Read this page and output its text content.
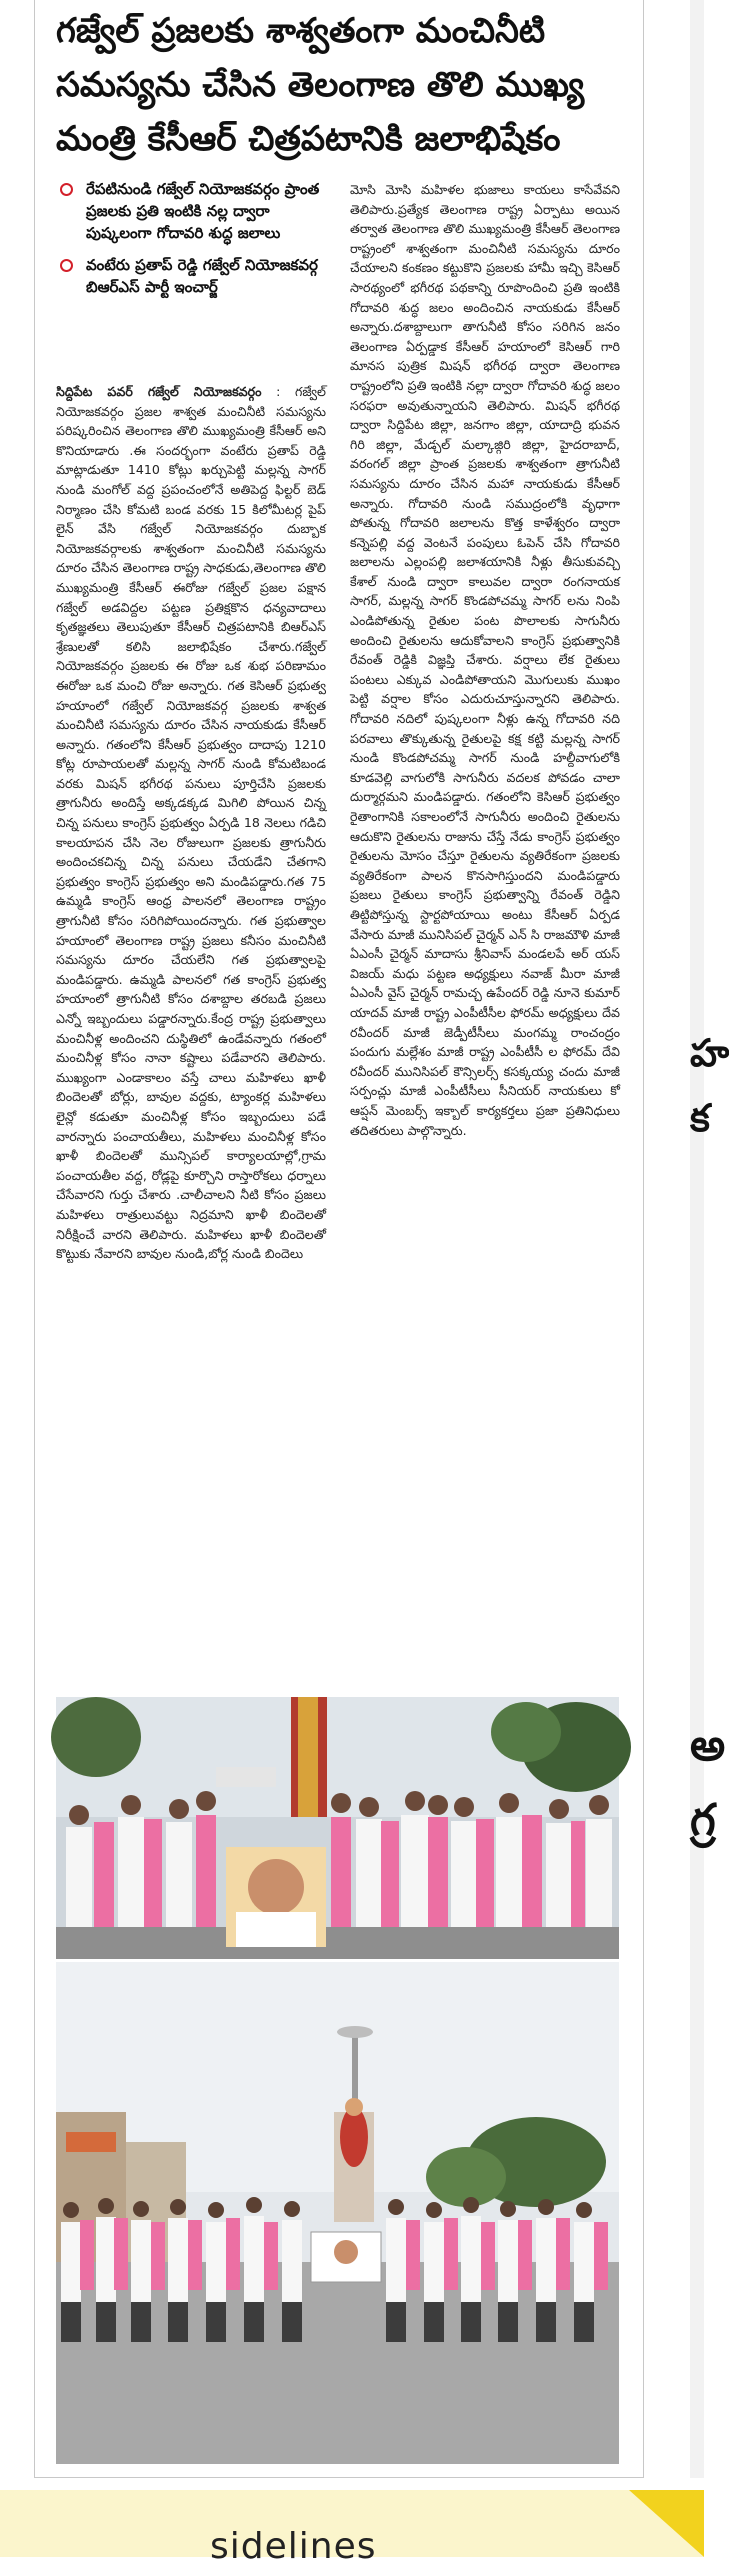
గజ్వేల్ ప్రజలకు శాశ్వతంగా మంచినీటి సమస్యను చేసిన తెలంగాణ తొలి ముఖ్య మంత్రి కేసీఆర్ చిత్రపటానికి జలాభిషేకం
రేపటినుండి గజ్వేల్ నియోజకవర్గం ప్రాంత ప్రజలకు ప్రతి ఇంటికి నల్ల ద్వారా పుష్కలంగా గోదావరి శుద్ధ జలాలు
వంటేరు ప్రతాప్ రెడ్డి గజ్వేల్ నియోజకవర్గ బిఆర్ఎస్ పార్టీ ఇంచార్జ్
సిద్దిపేట పవర్ గజ్వేల్ నియోజకవర్గం : గజ్వేల్ నియోజకవర్గం ప్రజల శాశ్వత మంచినీటి సమస్యను పరిష్కరించిన తెలంగాణ తొలి ముఖ్యమంత్రి కేసీఆర్ అని కొనియాడారు .ఈ సందర్భంగా వంటేరు ప్రతాప్ రెడ్డి మాట్లాడుతూ 1410 కోట్లు ఖర్చుపెట్టి మల్లన్న సాగర్ నుండి మంగోల్ వద్ద ప్రపంచంలోనే అతిపెద్ద ఫిల్టర్ బెడ్ నిర్మాణం చేసి కోమటి బండ వరకు 15 కిలోమీటర్ల పైప్ లైన్ వేసి గజ్వేల్ నియోజకవర్గం దుబ్బాక నియోజకవర్గాలకు శాశ్వతంగా మంచినీటి సమస్యను దూరం చేసిన తెలంగాణ రాష్ట్ర సాధకుడు,తెలంగాణ తొలి ముఖ్యమంత్రి కేసీఆర్ ఈరోజు గజ్వేల్ ప్రజల పక్షాన గజ్వేల్ అడవిద్దల పట్టణ ప్రతిక్షకొన ధన్యవాదాలు కృతజ్ఞతలు తెలుపుతూ కేసీఆర్ చిత్రపటానికి బిఆర్ఎస్ శ్రేణులతో కలిసి జలాభిషేకం చేశారు.గజ్వేల్ నియోజకవర్గం ప్రజలకు ఈ రోజు ఒక శుభ పరిణామం ఈరోజు ఒక మంచి రోజు అన్నారు. గత కెసిఆర్ ప్రభుత్వ హయాంలో గజ్వేల్ నియోజకవర్గ ప్రజలకు శాశ్వత మంచినీటి సమస్యను దూరం చేసిన నాయకుడు కేసీఆర్ అన్నారు. గతంలోని కేసీఆర్ ప్రభుత్వం దాదాపు 1210 కోట్ల రూపాయలతో మల్లన్న సాగర్ నుండి కోమటిబండ వరకు మిషన్ భగీరథ పనులు పూర్తిచేసి ప్రజలకు త్రాగునీరు అందిస్తే అక్కడక్కడ మిగిలి పోయిన చిన్న చిన్న పనులు కాంగ్రెస్ ప్రభుత్వం ఏర్పడి 18 నెలలు గడిచి కాలయాపన చేసి నెల రోజులుగా ప్రజలకు త్రాగునీరు అందించకచిన్న చిన్న పనులు చేయడేని చేతగాని ప్రభుత్వం కాంగ్రెస్ ప్రభుత్వం అని మండిపడ్డారు.గత 75 ఉమ్మడి కాంగ్రెస్ ఆంధ్ర పాలనలో తెలంగాణ రాష్ట్రం త్రాగునీటి కోసం సరిగిపోయిందన్నారు. గత ప్రభుత్వాల హయాంలో తెలంగాణ రాష్ట్ర ప్రజలు కనీసం మంచినీటి సమస్యను దూరం చేయలేని గత ప్రభుత్వాలపై మండిపడ్డారు. ఉమ్మడి పాలనలో గత కాంగ్రెస్ ప్రభుత్వ హయాంలో త్రాగునీటి కోసం దశాబ్దాల తరబడి ప్రజలు ఎన్నో ఇబ్బందులు పడ్డారన్నారు.కేంద్ర రాష్ట్ర ప్రభుత్వాలు మంచినీళ్ల అందించని దుస్థితిలో ఉండేవన్నారు గతంలో మంచినీళ్ల కోసం నానా కష్టాలు పడేవారని తెలిపారు. ముఖ్యంగా ఎండాకాలం వస్తే చాలు మహిళలు ఖాళీ బిందెలతో బోర్లు, బావుల వద్దకు, ట్యాంకర్ల మహిళలు లైన్లో కడుతూ మంచినీళ్ల కోసం ఇబ్బందులు పడే వారన్నారు పంచాయతీలు, మహిళలు మంచినీళ్ల కోసం ఖాళీ బిందెలతో మున్సిపల్ కార్యాలయాల్లో,గ్రామ పంచాయతీల వద్ద, రోడ్లపై కూర్చొని రాస్తారోకలు ధర్నాలు చేసేవారని గుర్తు చేశారు .చాలీచాలని నీటి కోసం ప్రజలు మహిళలు రాత్రులువట్టు నిద్రమాని ఖాళీ బిందెలతో నిరీక్షించే వారని తెలిపారు. మహిళలు ఖాళీ బిందెలతో కొట్టుకు నేవారని బావుల నుండి,బోర్ల నుండి బిందెలు
మోసి మోసి మహిళల భుజాలు కాయలు కాసేవేవని తెలిపారు.ప్రత్యేక తెలంగాణ రాష్ట్ర ఏర్పాటు అయిన తర్వాత తెలంగాణ తొలి ముఖ్యమంత్రి కేసీఆర్ తెలంగాణ రాష్ట్రంలో శాశ్వతంగా మంచినీటి సమస్యను దూరం చేయాలని కంకణం కట్టుకొని ప్రజలకు హామీ ఇచ్చి కెసిఆర్ సారథ్యంలో భగీరథ పథకాన్ని రూపొందించి ప్రతి ఇంటికి గోదావరి శుద్ధ జలం అందించిన నాయకుడు కేసీఆర్ అన్నారు.దశాబ్దాలుగా తాగునీటి కోసం సరిగిన జనం తెలంగాణ ఏర్పడ్డాక కేసీఆర్ హయాంలో కెసిఆర్ గారి మానస పుత్రిక మిషన్ భగీరథ ద్వారా తెలంగాణ రాష్ట్రంలోని ప్రతి ఇంటికి నల్లా ద్వారా గోదావరి శుద్ధ జలం సరఫరా అవుతున్నాయని తెలిపారు. మిషన్ భగీరథ ద్వారా సిద్దిపేట జిల్లా, జనగాం జిల్లా, యాదాద్రి భువన గిరి జిల్లా, మేడ్చల్ మల్కాజ్గిరి జిల్లా, హైదరాబాద్, వరంగల్ జిల్లా ప్రాంత ప్రజలకు శాశ్వతంగా త్రాగునీటి సమస్యను దూరం చేసిన మహా నాయకుడు కేసీఆర్ అన్నారు. గోదావరి నుండి సముద్రంలోకి వృధాగా పోతున్న గోదావరి జలాలను కొత్త కాళేశ్వరం ద్వారా కన్నెపల్లి వద్ద వెంటనే పంపులు ఓపెన్ చేసి గోదావరి జలాలను ఎల్లంపల్లి జలాశయానికి నీళ్లు తీసుకువచ్చి కేశాల్ నుండి ద్వారా కాలువల ద్వారా రంగనాయక సాగర్, మల్లన్న సాగర్ కొండపోచమ్మ సాగర్ లను నింపి ఎండిపోతున్న రైతుల పంట పొలాలకు సాగునీరు అందించి రైతులను ఆదుకోవాలని కాంగ్రెస్ ప్రభుత్వానికి రేవంత్ రెడ్డికి విజ్ఞప్తి చేశారు. వర్షాలు లేక రైతులు పంటలు ఎక్కువ ఎండిపోతాయని మొగులుకు ముఖం పెట్టి వర్షాల కోసం ఎదురుచూస్తున్నారని తెలిపారు. గోదావరి నదిలో పుష్కలంగా నీళ్లు ఉన్న గోదావరి నది పరవాలు తొక్కుతున్న రైతులపై కక్ష కట్టి మల్లన్న సాగర్ నుండి కొండపోచమ్మ సాగర్ నుండి హల్దీవాగులోకి కూడవెల్లి వాగులోకి సాగునీరు వదలక పోవడం చాలా దుర్మార్గమని మండిపడ్డారు. గతంలోని కెసిఆర్ ప్రభుత్వం రైతాంగానికి సకాలంలోనే సాగునీరు అందించి రైతులను ఆదుకొని రైతులను రాజును చేస్తే నేడు కాంగ్రెస్ ప్రభుత్వం రైతులను మోసం చేస్తూ రైతులను వ్యతిరేకంగా ప్రజలకు వ్యతిరేకంగా పాలన కొనసాగిస్తుందని మండిపడ్డారు ప్రజలు రైతులు కాంగ్రెస్ ప్రభుత్వాన్ని రేవంత్ రెడ్డిని తిట్టిపోస్తున్న స్టార్టపోయాయి అంటు కేసీఆర్ ఏర్పడ వేసారు మాజీ మునిసిపల్ చైర్మన్ ఎన్ సి రాజమౌళి మాజీ ఏఎంసీ చైర్మన్ మాదాసు శ్రీనివాస్ మండలపే అర్ యస్ విజయ్ మధు పట్టణ అధ్యక్షులు నవాజ్ మీరా మాజీ ఏఎంసీ వైస్ చైర్మన్ రామచ్చ ఉపేందర్ రెడ్డి నూనె కుమార్ యాదవ్ మాజీ రాష్ట్ర ఎంపీటీసీల ఫోరమ్ అధ్యక్షులు దేవ రవీందర్ మాజీ జెడ్పీటీసీలు మంగమ్మ రాంచంద్రం పందుగు మల్లేశం మాజీ రాష్ట్ర ఎంపీటీసీ ల ఫోరమ్ దేవి రవీందర్ మునిసిపల్ కౌన్సిలర్స్ కసక్కయ్య చందు మాజీ సర్పంచ్లు మాజీ ఎంపీటీసీలు సీనియర్ నాయకులు కో ఆప్షన్ మెంబర్స్ ఇక్బాల్ కార్యకర్తలు ప్రజా ప్రతినిధులు తదితరులు పాల్గొన్నారు.
హ
క
అ
గ్ర
sidelines
